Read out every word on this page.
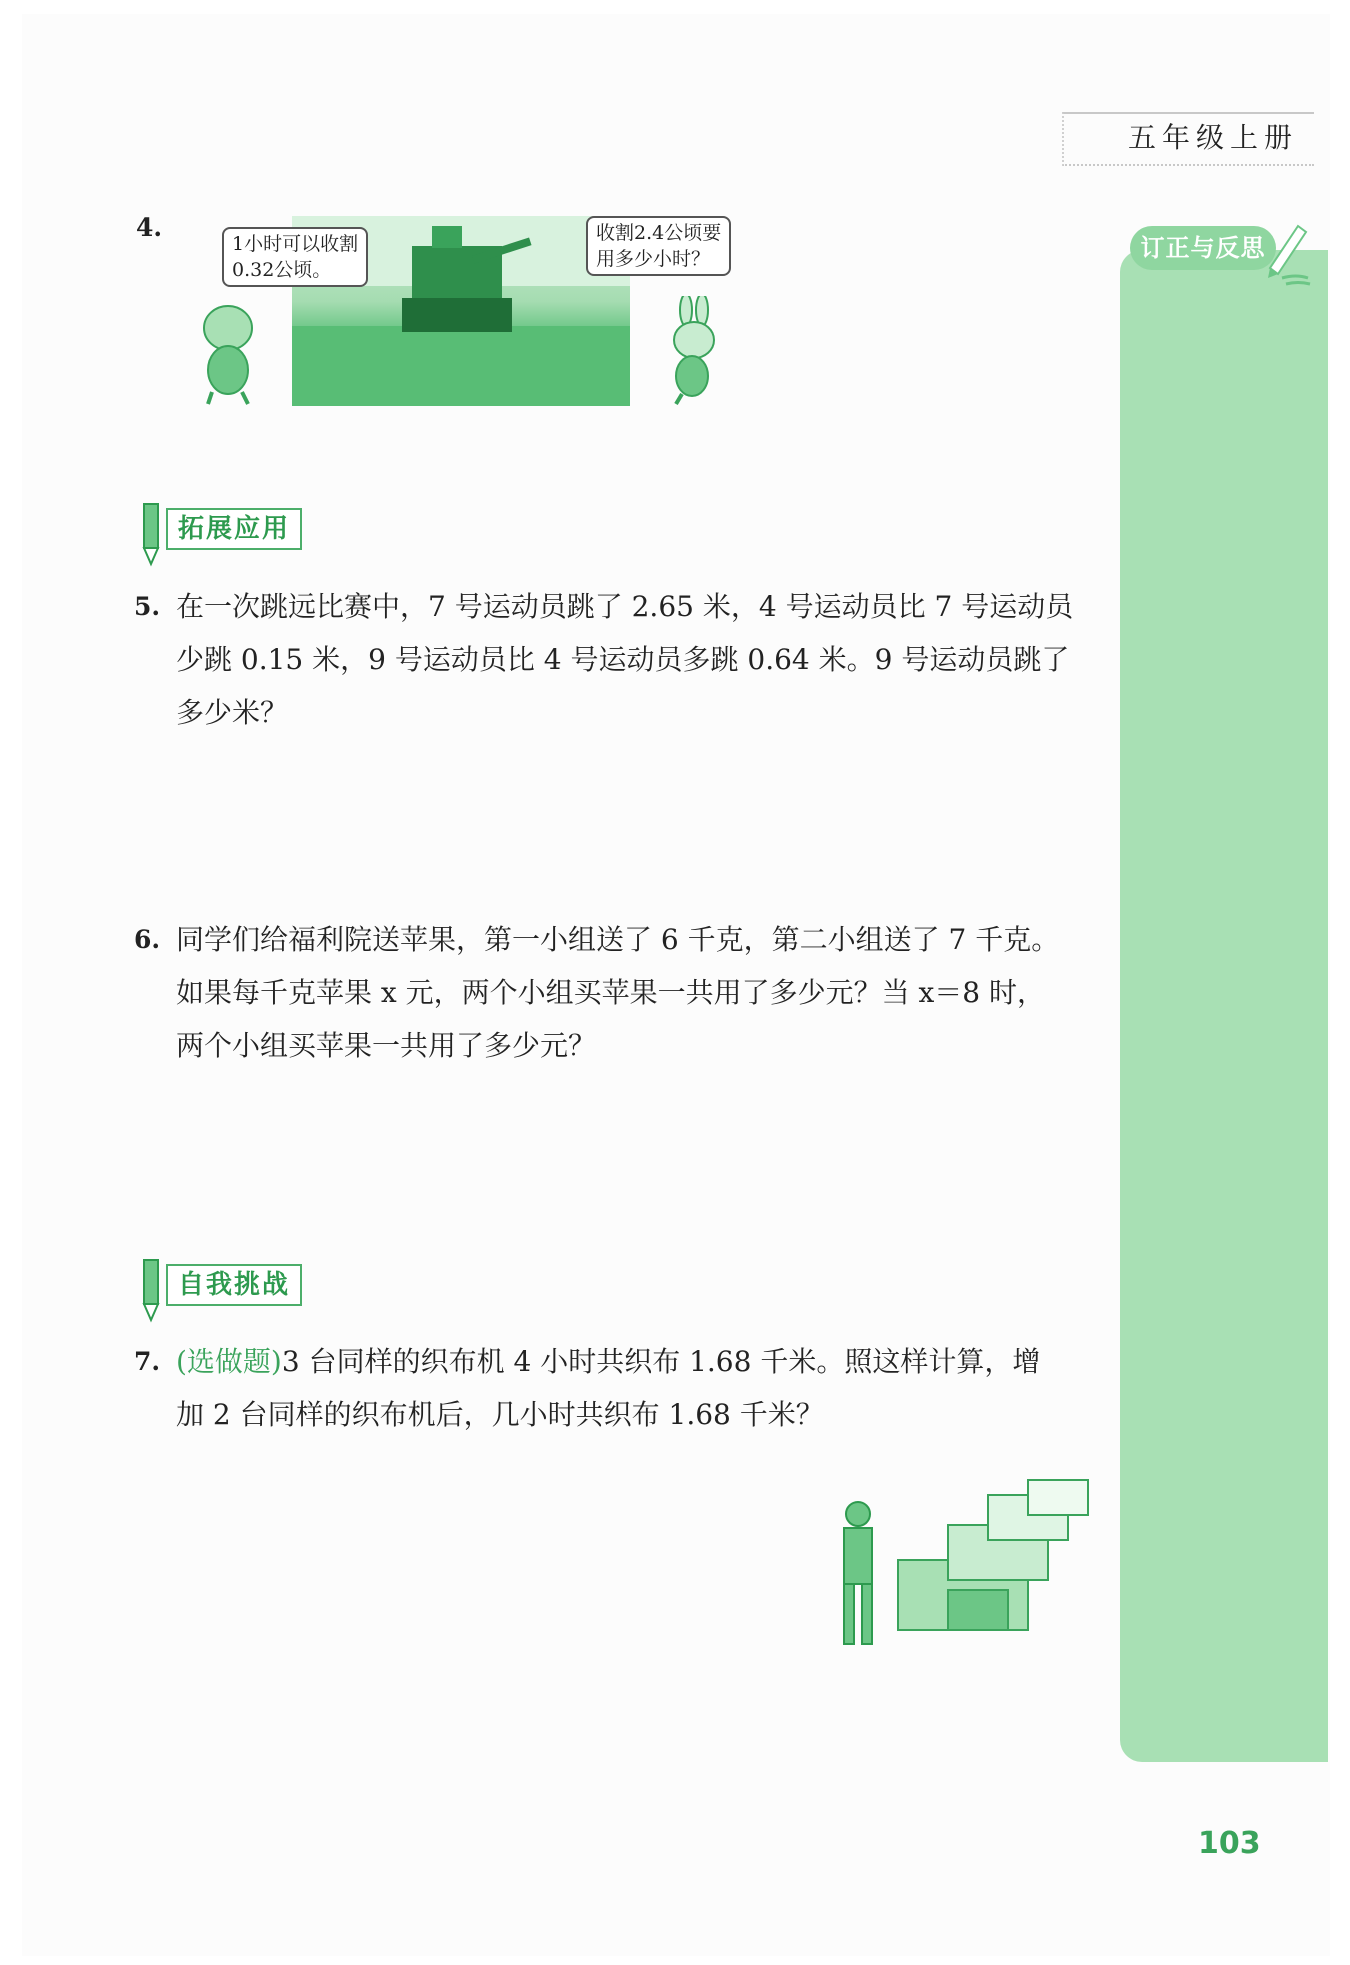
五年级上册
订正与反思
4.
1小时可以收割
0.32公顷。
收割2.4公顷要
用多少小时？
拓展应用
5. 在一次跳远比赛中，7 号运动员跳了 2.65 米，4 号运动员比 7 号运动员
少跳 0.15 米，9 号运动员比 4 号运动员多跳 0.64 米。9 号运动员跳了
多少米？
6. 同学们给福利院送苹果，第一小组送了 6 千克，第二小组送了 7 千克。
如果每千克苹果 x 元，两个小组买苹果一共用了多少元？当 x＝8 时，
两个小组买苹果一共用了多少元？
自我挑战
7. (选做题)3 台同样的织布机 4 小时共织布 1.68 千米。照这样计算，增
加 2 台同样的织布机后，几小时共织布 1.68 千米？
103
